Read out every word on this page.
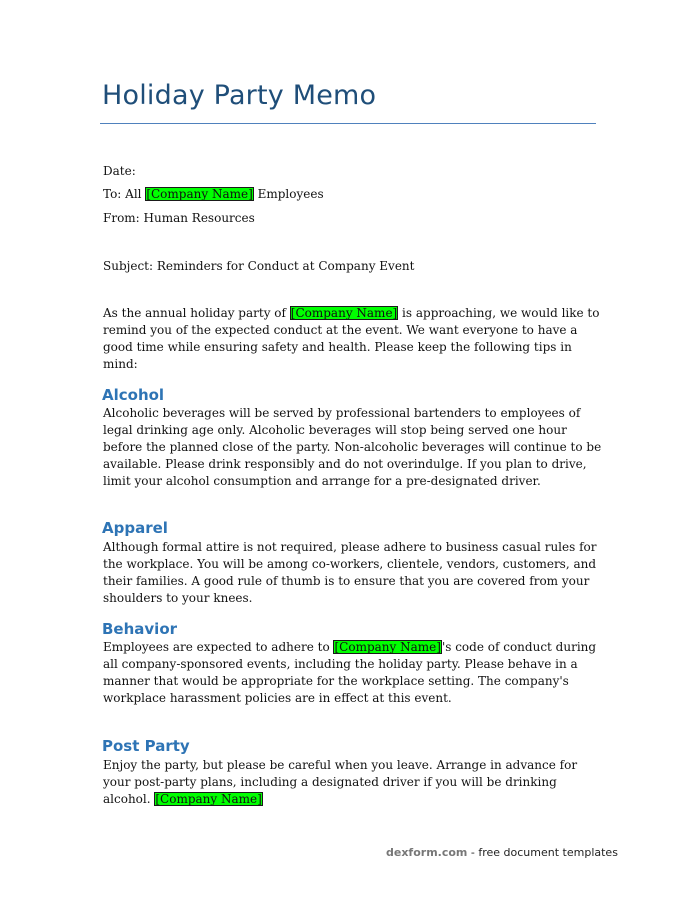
Holiday Party Memo
Date:
To: All [Company Name] Employees
From: Human Resources
Subject: Reminders for Conduct at Company Event
As the annual holiday party of [Company Name] is approaching, we would like to remind you of the expected conduct at the event. We want everyone to have a good time while ensuring safety and health. Please keep the following tips in mind:
Alcohol
Alcoholic beverages will be served by professional bartenders to employees of legal drinking age only. Alcoholic beverages will stop being served one hour before the planned close of the party. Non-alcoholic beverages will continue to be available. Please drink responsibly and do not overindulge. If you plan to drive, limit your alcohol consumption and arrange for a pre-designated driver.
Apparel
Although formal attire is not required, please adhere to business casual rules for the workplace. You will be among co-workers, clientele, vendors, customers, and their families. A good rule of thumb is to ensure that you are covered from your shoulders to your knees.
Behavior
Employees are expected to adhere to [Company Name]'s code of conduct during all company-sponsored events, including the holiday party. Please behave in a manner that would be appropriate for the workplace setting. The company's workplace harassment policies are in effect at this event.
Post Party
Enjoy the party, but please be careful when you leave. Arrange in advance for your post-party plans, including a designated driver if you will be drinking alcohol. [Company Name]
dexform.com - free document templates
